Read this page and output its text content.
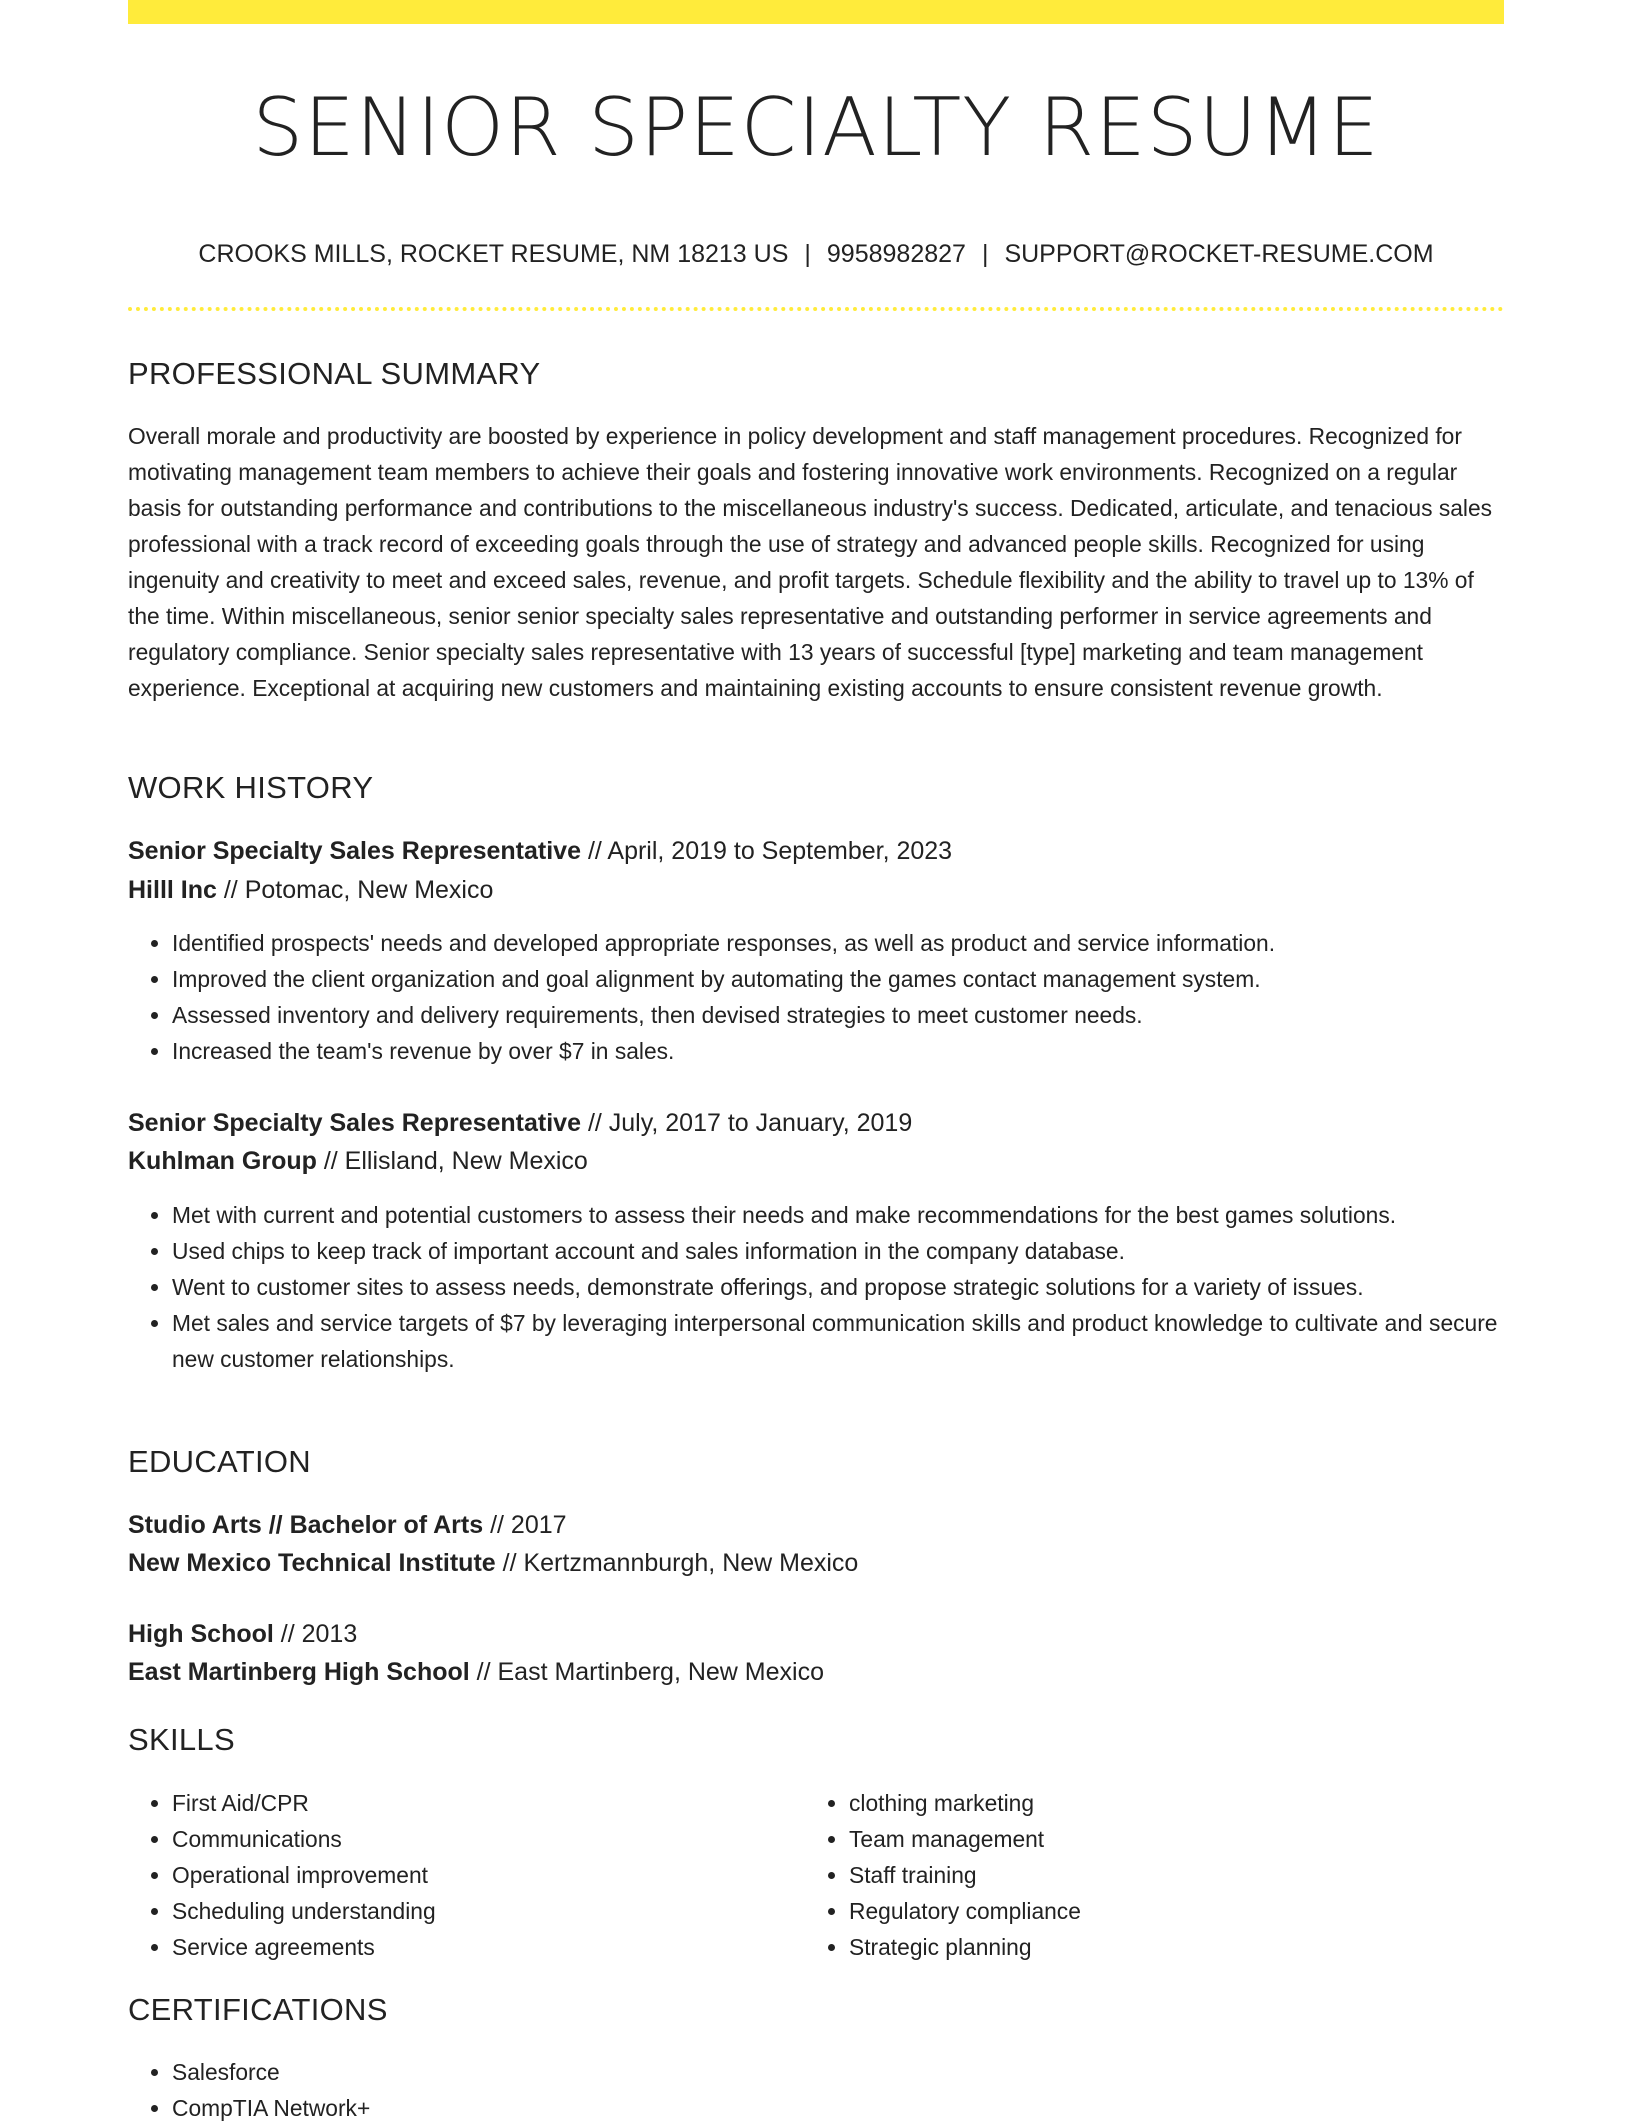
SENIOR SPECIALTY RESUME
CROOKS MILLS, ROCKET RESUME, NM 18213 US | 9958982827 | SUPPORT@ROCKET-RESUME.COM
PROFESSIONAL SUMMARY

Overall morale and productivity are boosted by experience in policy development and staff management procedures. Recognized for motivating management team members to achieve their goals and fostering innovative work environments. Recognized on a regular basis for outstanding performance and contributions to the miscellaneous industry's success. Dedicated, articulate, and tenacious sales professional with a track record of exceeding goals through the use of strategy and advanced people skills. Recognized for using ingenuity and creativity to meet and exceed sales, revenue, and profit targets. Schedule flexibility and the ability to travel up to 13% of the time. Within miscellaneous, senior senior specialty sales representative and outstanding performer in service agreements and regulatory compliance. Senior specialty sales representative with 13 years of successful [type] marketing and team management experience. Exceptional at acquiring new customers and maintaining existing accounts to ensure consistent revenue growth.

WORK HISTORY
Senior Specialty Sales Representative // April, 2019 to September, 2023
Hilll Inc // Potomac, New Mexico
• Identified prospects' needs and developed appropriate responses, as well as product and service information.
• Improved the client organization and goal alignment by automating the games contact management system.
• Assessed inventory and delivery requirements, then devised strategies to meet customer needs.
• Increased the team's revenue by over $7 in sales.
Senior Specialty Sales Representative // July, 2017 to January, 2019
Kuhlman Group // Ellisland, New Mexico
• Met with current and potential customers to assess their needs and make recommendations for the best games solutions.
• Used chips to keep track of important account and sales information in the company database.
• Went to customer sites to assess needs, demonstrate offerings, and propose strategic solutions for a variety of issues.
• Met sales and service targets of $7 by leveraging interpersonal communication skills and product knowledge to cultivate and secure new customer relationships.
EDUCATION
Studio Arts // Bachelor of Arts // 2017
New Mexico Technical Institute // Kertzmannburgh, New Mexico
High School // 2013
East Martinberg High School // East Martinberg, New Mexico
SKILLS
• First Aid/CPR
• Communications
• Operational improvement
• Scheduling understanding
• Service agreements
• clothing marketing
• Team management
• Staff training
• Regulatory compliance
• Strategic planning
CERTIFICATIONS
• Salesforce
• CompTIA Network+
